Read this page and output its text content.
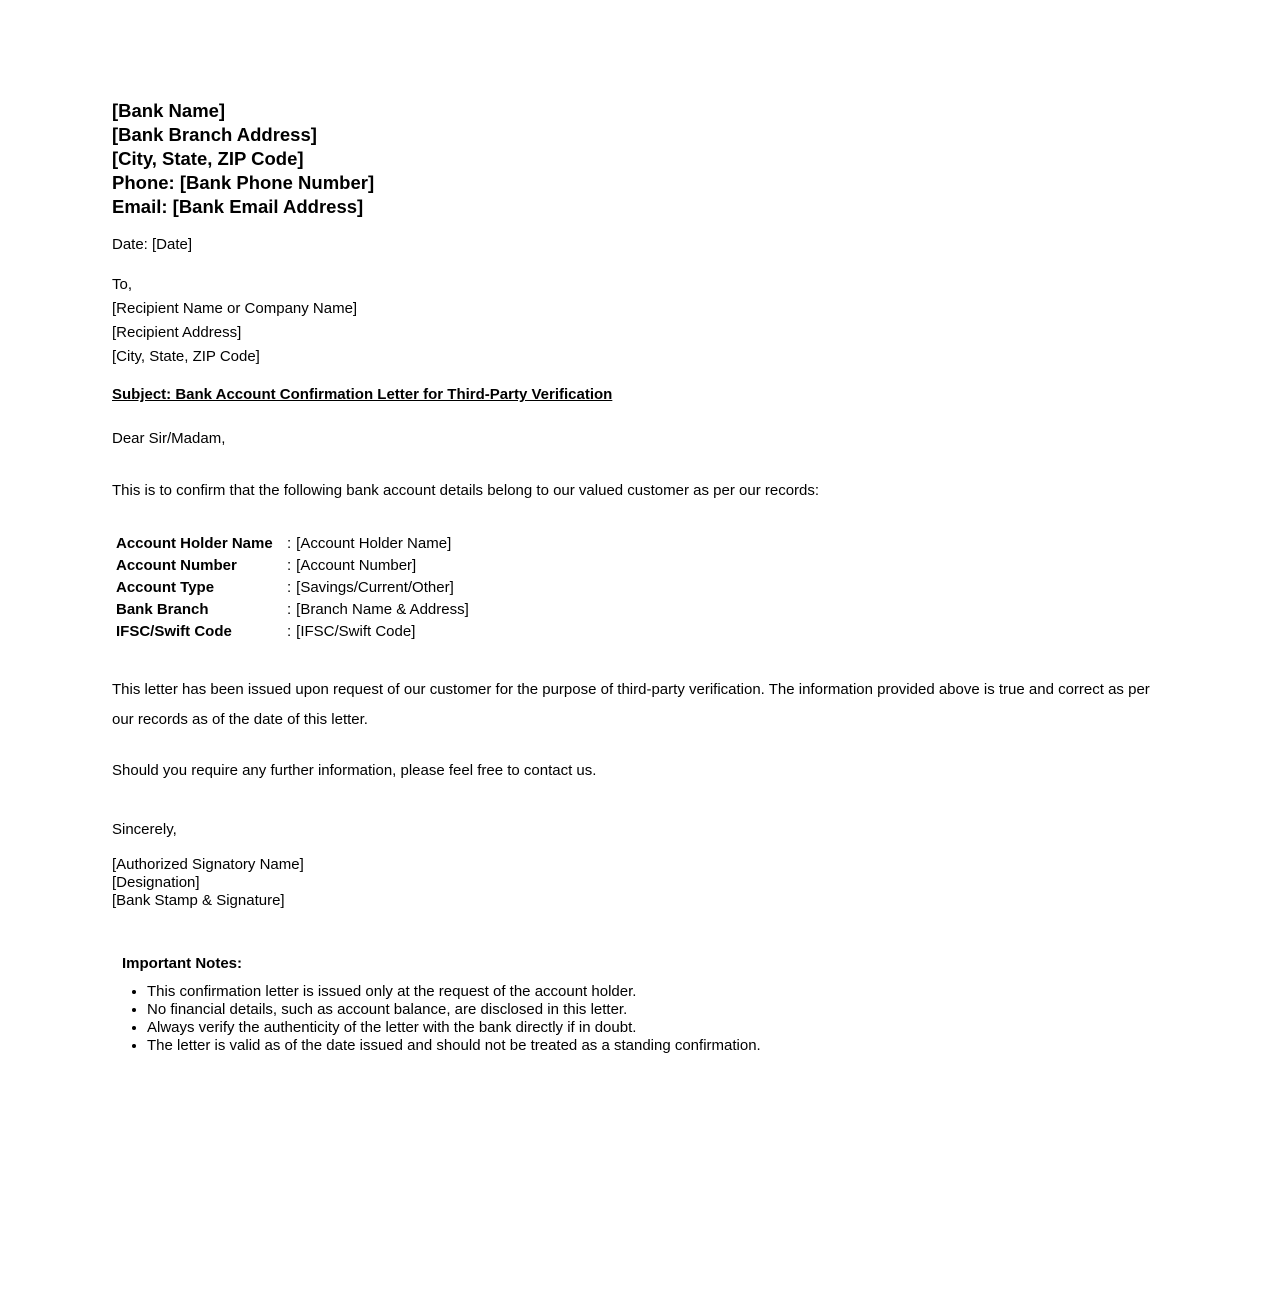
[Bank Name]
[Bank Branch Address]
[City, State, ZIP Code]
Phone: [Bank Phone Number]
Email: [Bank Email Address]
Date: [Date]
To,
[Recipient Name or Company Name]
[Recipient Address]
[City, State, ZIP Code]
Subject: Bank Account Confirmation Letter for Third-Party Verification
Dear Sir/Madam,
This is to confirm that the following bank account details belong to our valued customer as per our records:
Account Holder Name : [Account Holder Name]
Account Number	: [Account Number]
Account Type	: [Savings/Current/Other]
Bank Branch	: [Branch Name & Address]
IFSC/Swift Code	: [IFSC/Swift Code]
This letter has been issued upon request of our customer for the purpose of third-party verification. The information provided above is true and correct as per our records as of the date of this letter.
Should you require any further information, please feel free to contact us.
Sincerely,
[Authorized Signatory Name]
[Designation]
[Bank Stamp & Signature]
Important Notes:
• This confirmation letter is issued only at the request of the account holder.
• No financial details, such as account balance, are disclosed in this letter.
• Always verify the authenticity of the letter with the bank directly if in doubt.
• The letter is valid as of the date issued and should not be treated as a standing confirmation.
